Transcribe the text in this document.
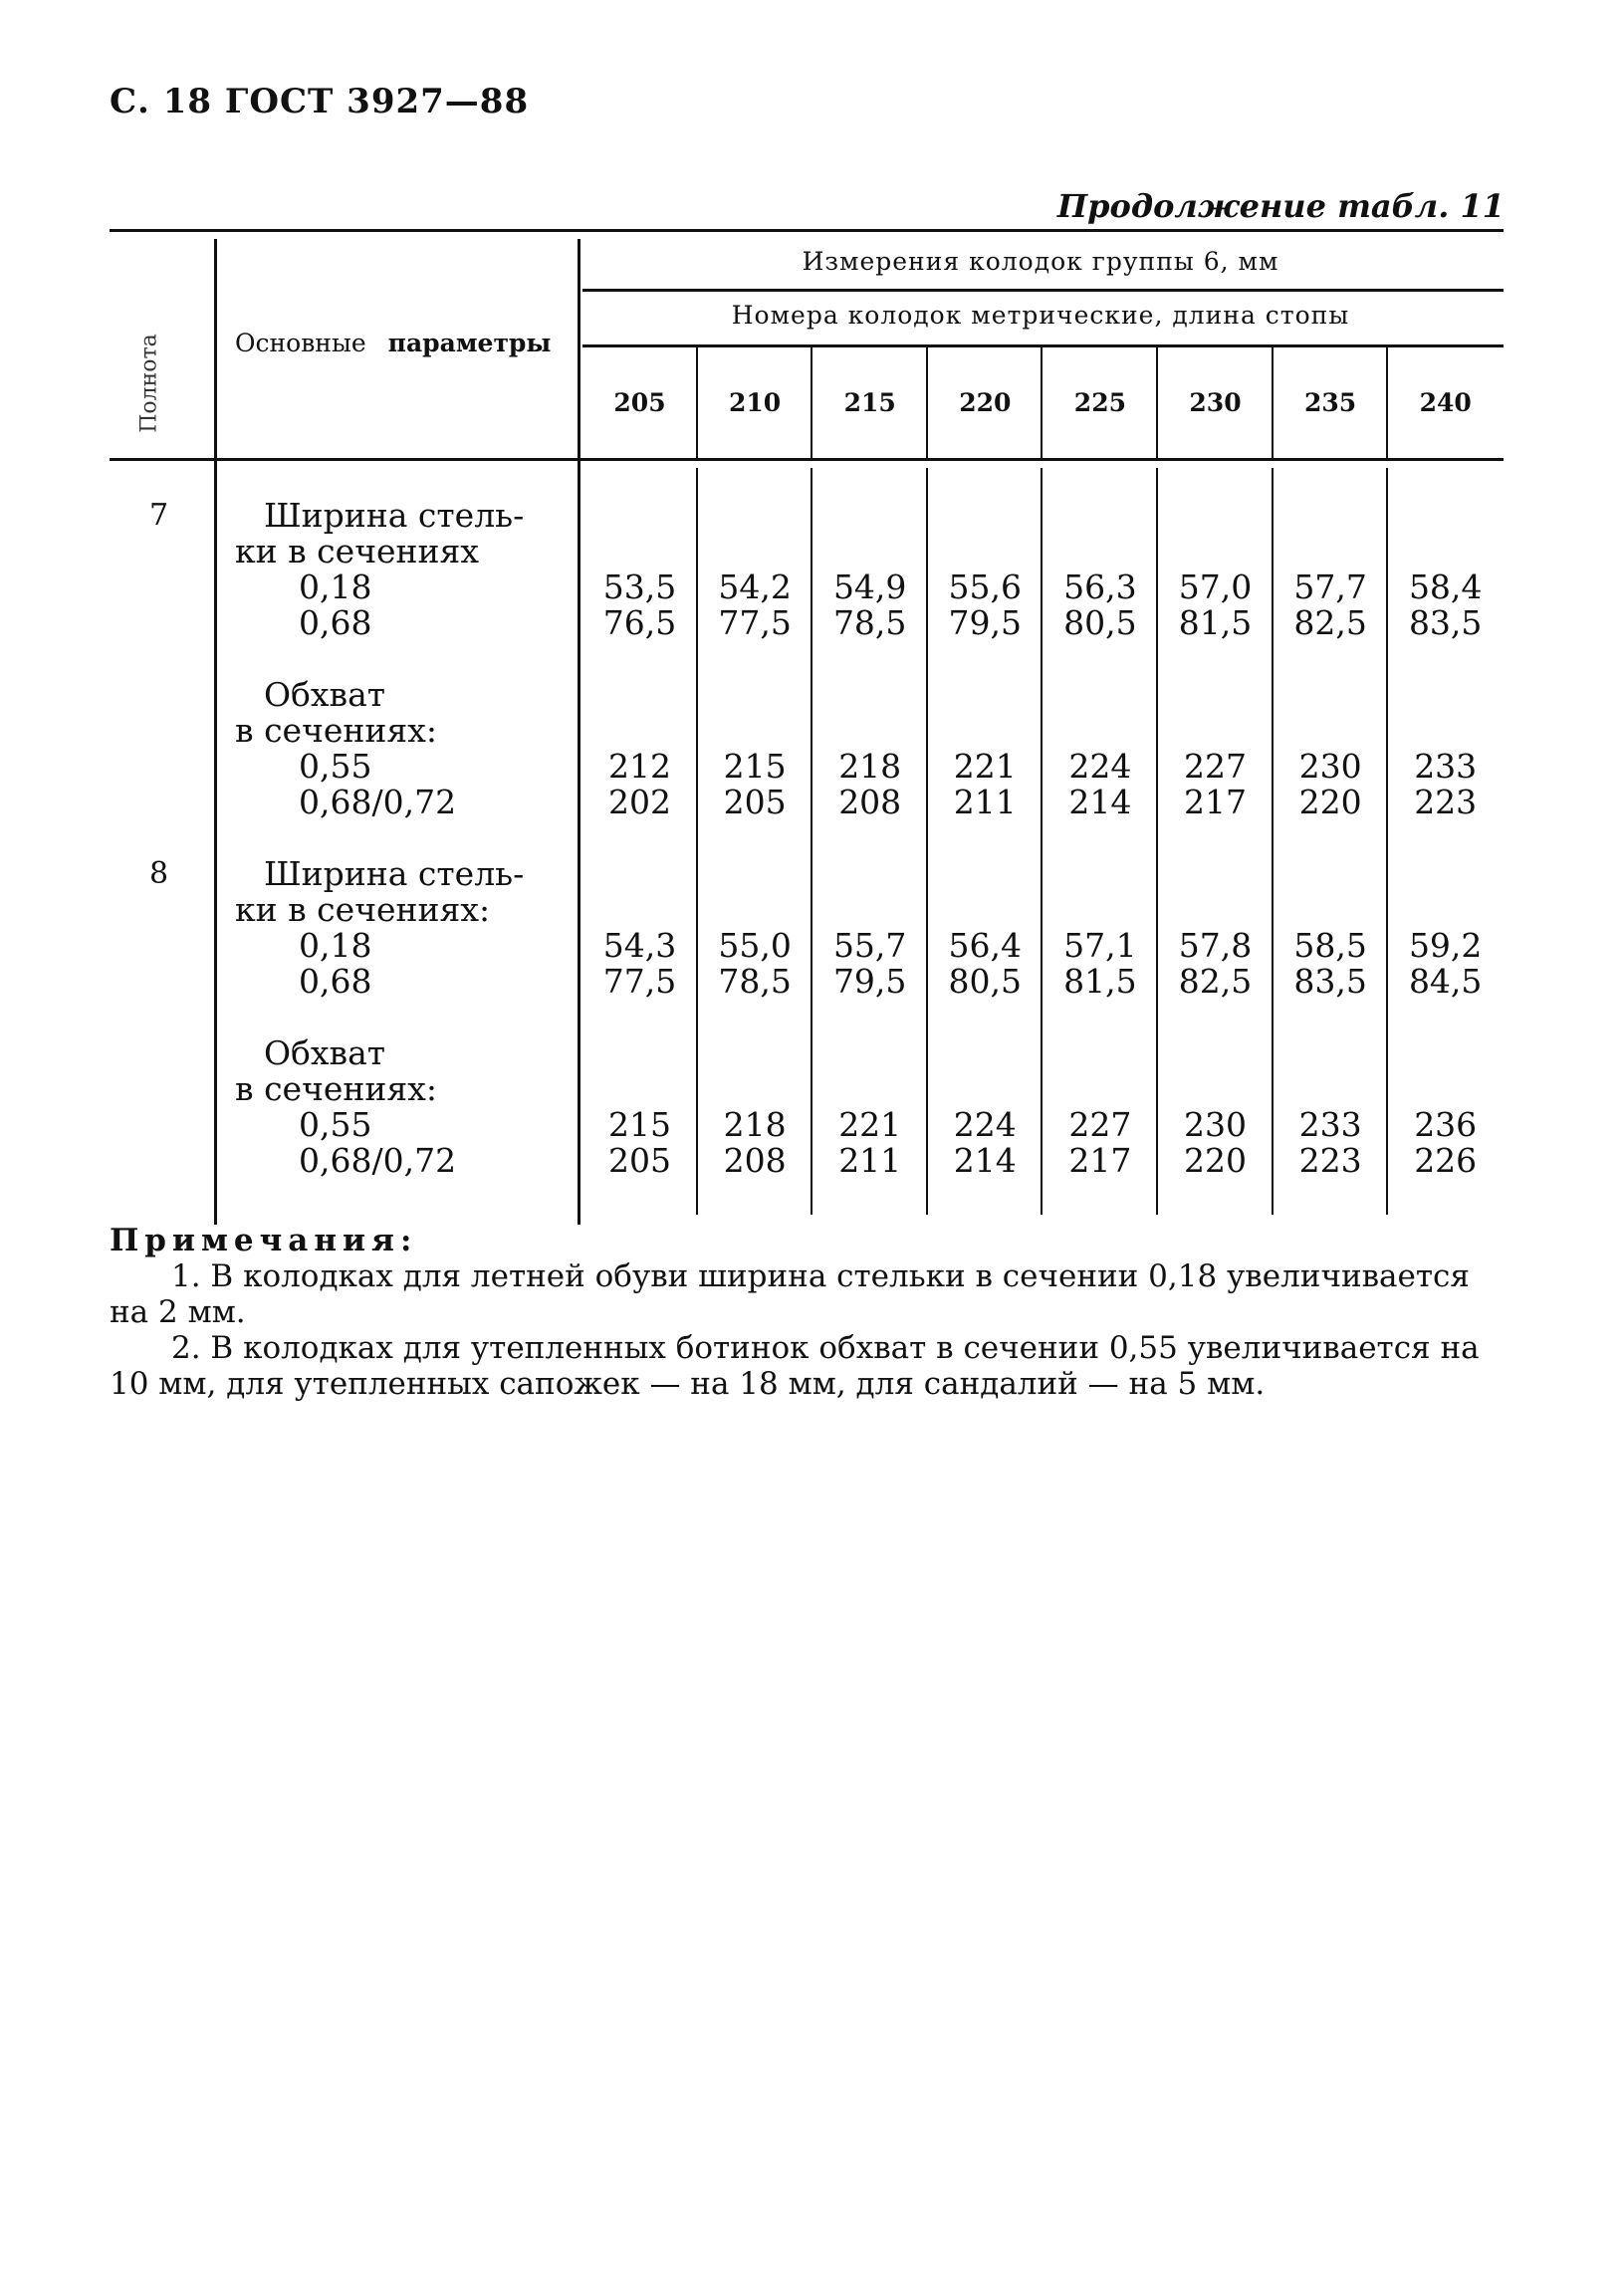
С. 18 ГОСТ 3927—88
Продолжение табл. 11
Полнота	Основные параметры
Измерения колодок группы 6, мм
Номера колодок метрические, длина стопы
205	210	215	220	225	230	235	240
7	Ширина стель-
ки в сечениях
0,18	53,5	54,2	54,9	55,6	56,3	57,0	57,7	58,4
0,68	76,5	77,5	78,5	79,5	80,5	81,5	82,5	83,5
Обхват
в сечениях:
0,55	212	215	218	221	224	227	230	233
0,68/0,72	202	205	208	211	214	217	220	223
8	Ширина стель-
ки в сечениях:
0,18	54,3	55,0	55,7	56,4	57,1	57,8	58,5	59,2
0,68	77,5	78,5	79,5	80,5	81,5	82,5	83,5	84,5
Обхват
в сечениях:
0,55	215	218	221	224	227	230	233	236
0,68/0,72	205	208	211	214	217	220	223	226

Примечания:

1. В колодках для летней обуви ширина стельки в сечении 0,18 увеличивается на 2 мм.

2. В колодках для утепленных ботинок обхват в сечении 0,55 увеличивается на 10 мм, для утепленных сапожек — на 18 мм, для сандалий — на 5 мм.
